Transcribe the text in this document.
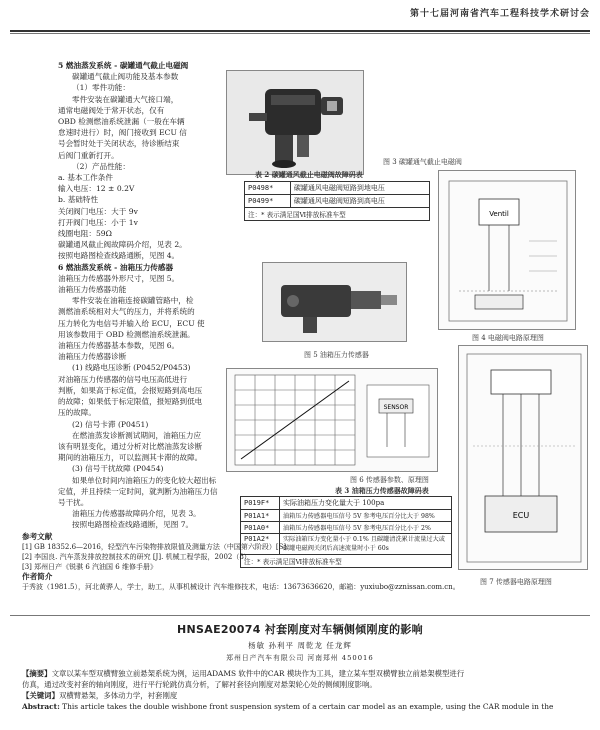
第十七届河南省汽车工程科技学术研讨会
5 燃油蒸发系统 - 碳罐通气截止电磁阀
碳罐通气截止阀功能及基本参数
（1）零件功能：
零件安装在碳罐通大气接口端，
通常电磁阀处于常开状态，仅有
OBD 检测燃油系统泄漏（一般在车辆
怠速时进行）时，阀门接收到 ECU 信
号会暂时处于关闭状态，待诊断结束
后阀门重新打开。
（2）产品性能：
a. 基本工作条件
输入电压：12 ± 0.2V
b. 基础特性
关闭阀门电压：大于 9v
打开阀门电压：小于 1v
线圈电阻：59Ω
碳罐通风截止阀故障码介绍，见表 2。
按照电路图检查线路通断，见图 4。
6 燃油蒸发系统 - 油箱压力传感器
油箱压力传感器外形尺寸，见图 5。
油箱压力传感器功能
零件安装在油箱连接碳罐管路中，检
测燃油系统相对大气的压力，并将系统的
压力转化为电信号并输入给 ECU，ECU 使
用该参数用于 OBD 检测燃油系统泄漏。
油箱压力传感器基本参数，见图 6。
油箱压力传感器诊断
(1) 线路电压诊断 (P0452/P0453)
对油箱压力传感器的信号电压高低进行
判断，如果高于标定值，会报短路到高电压
的故障；如果低于标定限值，报短路到低电
压的故障。
(2) 信号卡滞 (P0451)
在燃油蒸发诊断测试期间，油箱压力应
该有明显变化，通过分析对比燃油蒸发诊断
期间的油箱压力，可以监测其卡滞的故障。
(3) 信号干扰故障 (P0454)
如果单位时间内油箱压力的变化较大超出标
定值，并且持续一定时间，就判断为油箱压力信
号干扰。
油箱压力传感器故障码介绍，见表 3。
按照电路图检查线路通断，见图 7。
图 3 碳罐通气截止电磁阀
表 2 碳罐通风截止电磁阀故障码表
P0498*	碳罐通风电磁阀短路到地电压
P0499*	碳罐通风电磁阀短路到高电压
注：* 表示满足国Ⅵ排放标准车型		Ventil
图 4 电磁阀电路原理图
图 5 油箱压力传感器
SENSOR
图 6 传感器参数、原理图
表 3 油箱压力传感器故障码表
P019F*	实际油箱压力变化量大于 100pa
P01A1*	油箱压力传感器电压信号 5V 参考电压百分比大于 98%
P01A0*	油箱压力传感器电压信号 5V 参考电压百分比小于 2%
P01A2*	实际油箱压力变化量小于 0.1% 且碳罐清洗累计流量过大或碳罐电磁阀关闭后高速流量时小于 60s
注：* 表示满足国Ⅵ排放标准车型	
ECU
图 7 传感器电路原理图
参考文献
[1] GB 18352.6—2016，轻型汽车污染物排放限值及测量方法（中国第六阶段）[S]
[2] 李国良. 汽车蒸发排放控制技术的研究 [J]. 机械工程学报，2002（8）
[3] 郑州日产《锐骐 6 汽油国 6 维修手册》
作者简介
于秀波（1981.5），河北黄骅人，学士，助工，从事机械设计 汽车维修技术，电话：13673636620，邮箱：yuxiubo@zznissan.com.cn。
HNSAE20074 衬套刚度对车辆侧倾刚度的影响
杨敏 孙利平 周乾龙 任龙辉
郑州日产汽车有限公司 河南郑州 450016
【摘要】文章以某车型双横臂独立前悬架系统为例，运用ADAMS 软件中的CAR 模块作为工具，建立某车型双横臂独立前悬架模型进行
仿真，通过改变衬套的轴向刚度，进行平行轮跳仿真分析，了解衬套径向刚度对悬架轮心处的侧倾刚度影响。
【关键词】双横臂悬架，多体动力学，衬套刚度
Abstract: This article takes the double wishbone front suspension system of a certain car model as an example, using the CAR module in the
